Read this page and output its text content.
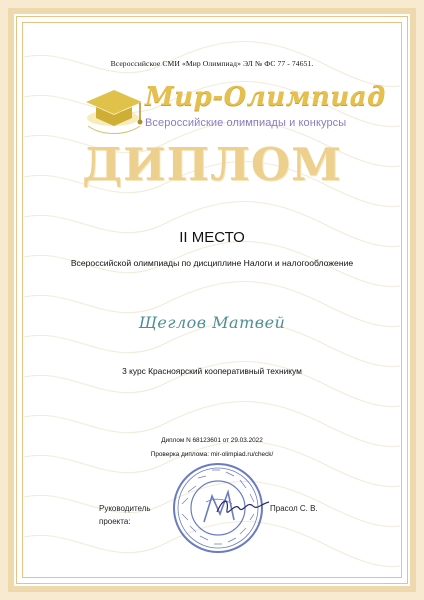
Всероссийское СМИ «Мир Олимпиад» ЭЛ № ФС 77 - 74651.
Мир-Олимпиад
Всероссийские олимпиады и конкурсы
ДИПЛОМ
II МЕСТО
Всероссийской олимпиады по дисциплине Налоги и налогообложение
Щеглов Матвей
3 курс Красноярский кооперативный техникум
Диплом N 68123601 от 29.03.2022
Проверка диплома: mir-olimpiad.ru/check/
Руководитель проекта:
Прасол С. В.
